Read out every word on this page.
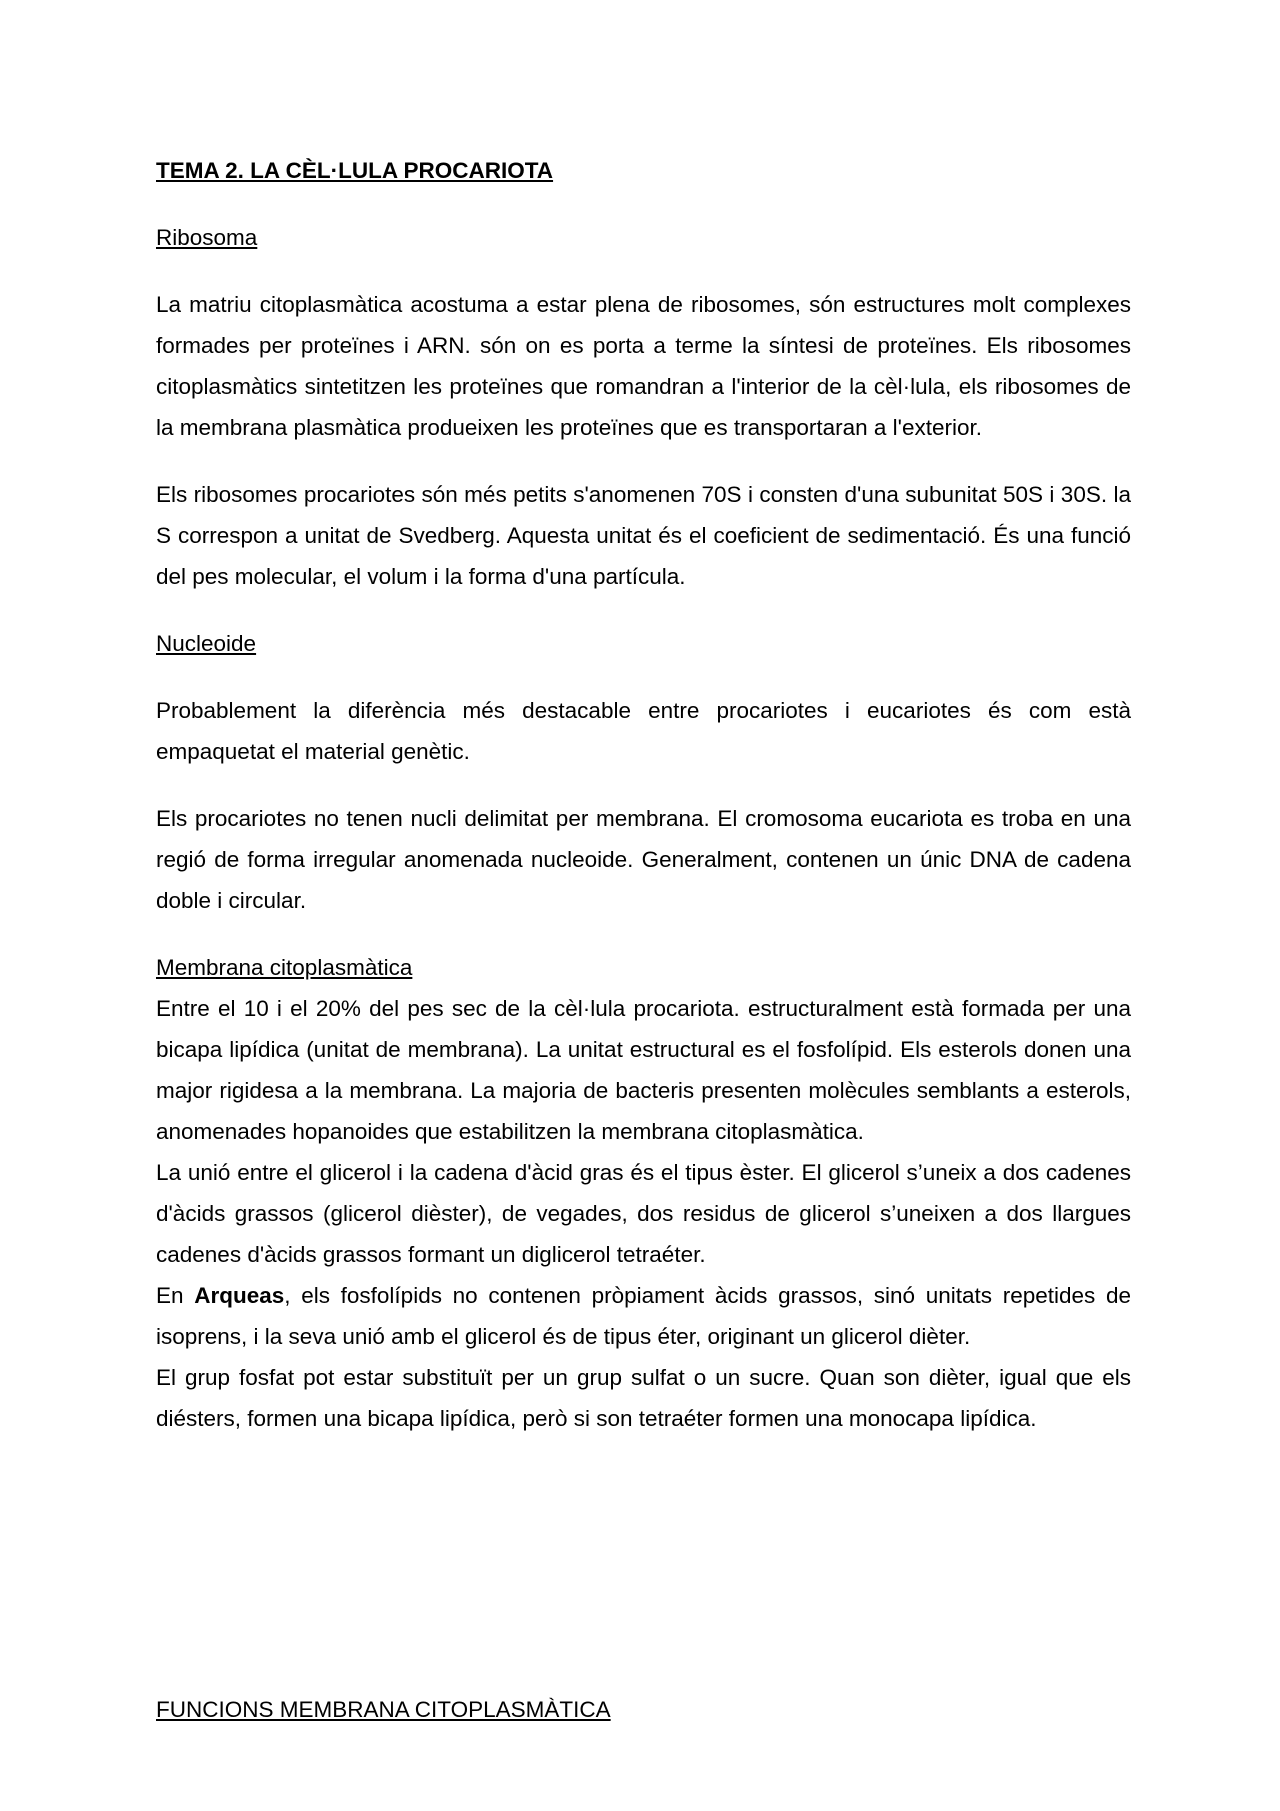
TEMA 2. LA CÈL·LULA PROCARIOTA
Ribosoma

La matriu citoplasmàtica acostuma a estar plena de ribosomes, són estructures molt complexes formades per proteïnes i ARN. són on es porta a terme la síntesi de proteïnes. Els ribosomes citoplasmàtics sintetitzen les proteïnes que romandran a l'interior de la cèl·lula, els ribosomes de la membrana plasmàtica produeixen les proteïnes que es transportaran a l'exterior.

Els ribosomes procariotes són més petits s'anomenen 70S i consten d'una subunitat 50S i 30S. la S correspon a unitat de Svedberg. Aquesta unitat és el coeficient de sedimentació. És una funció del pes molecular, el volum i la forma d'una partícula.

Nucleoide

Probablement la diferència més destacable entre procariotes i eucariotes és com està empaquetat el material genètic.

Els procariotes no tenen nucli delimitat per membrana. El cromosoma eucariota es troba en una regió de forma irregular anomenada nucleoide. Generalment, contenen un únic DNA de cadena doble i circular.

Membrana citoplasmàtica

Entre el 10 i el 20% del pes sec de la cèl·lula procariota. estructuralment està formada per una bicapa lipídica (unitat de membrana). La unitat estructural es el fosfolípid. Els esterols donen una major rigidesa a la membrana. La majoria de bacteris presenten molècules semblants a esterols, anomenades hopanoides que estabilitzen la membrana citoplasmàtica.

La unió entre el glicerol i la cadena d'àcid gras és el tipus èster. El glicerol s’uneix a dos cadenes d'àcids grassos (glicerol dièster), de vegades, dos residus de glicerol s’uneixen a dos llargues cadenes d'àcids grassos formant un diglicerol tetraéter.

En Arqueas, els fosfolípids no contenen pròpiament àcids grassos, sinó unitats repetides de isoprens, i la seva unió amb el glicerol és de tipus éter, originant un glicerol dièter.

El grup fosfat pot estar substituït per un grup sulfat o un sucre. Quan son dièter, igual que els diésters, formen una bicapa lipídica, però si son tetraéter formen una monocapa lipídica.

FUNCIONS MEMBRANA CITOPLASMÀTICA
